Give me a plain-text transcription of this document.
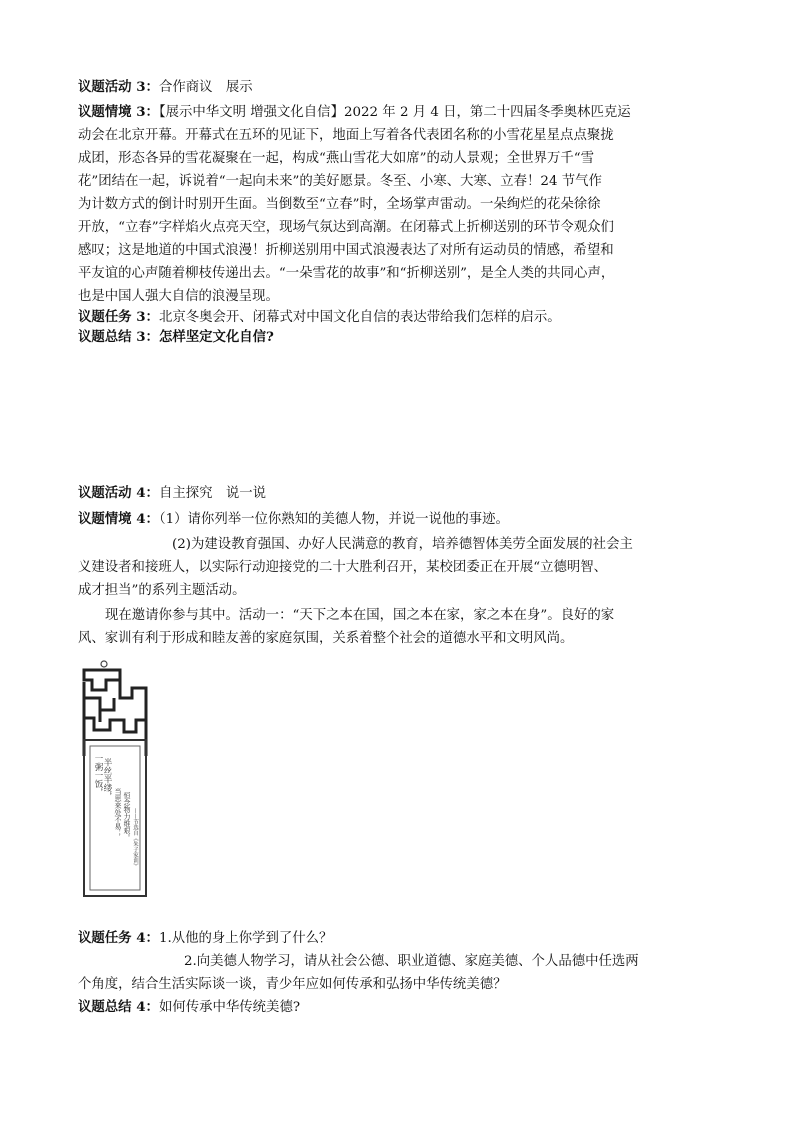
议题活动 3：合作商议　展示

议题情境 3：【展示中华文明 增强文化自信】2022 年 2 月 4 日，第二十四届冬季奥林匹克运

动会在北京开幕。开幕式在五环的见证下，地面上写着各代表团名称的小雪花星星点点聚拢

成团，形态各异的雪花凝聚在一起，构成“燕山雪花大如席”的动人景观；全世界万千“雪

花”团结在一起，诉说着“一起向未来”的美好愿景。冬至、小寒、大寒、立春！24 节气作

为计数方式的倒计时别开生面。当倒数至“立春”时，全场掌声雷动。一朵绚烂的花朵徐徐

开放，“立春”字样焰火点亮天空，现场气氛达到高潮。在闭幕式上折柳送别的环节令观众们

感叹；这是地道的中国式浪漫！折柳送别用中国式浪漫表达了对所有运动员的情感，希望和

平友谊的心声随着柳枝传递出去。“一朵雪花的故事”和“折柳送别”，是全人类的共同心声，

也是中国人强大自信的浪漫呈现。

议题任务 3：北京冬奥会开、闭幕式对中国文化自信的表达带给我们怎样的启示。

议题总结 3：怎样坚定文化自信?

议题活动 4：自主探究　说一说

议题情境 4：（1）请你列举一位你熟知的美德人物，并说一说他的事迹。

(2)为建设教育强国、办好人民满意的教育，培养德智体美劳全面发展的社会主

义建设者和接班人，以实际行动迎接党的二十大胜利召开，某校团委正在开展“立德明智、

成才担当”的系列主题活动。

现在邀请你参与其中。活动一：“天下之本在国，国之本在家，家之本在身”。良好的家

风、家训有利于形成和睦友善的家庭氛围，关系着整个社会的道德水平和文明风尚。

一粥一饭， 半丝半缕，
当思来处不易； 恒念物力维艰。 ——节选自《朱子家训》

议题任务 4：1.从他的身上你学到了什么？

2.向美德人物学习，请从社会公德、职业道德、家庭美德、个人品德中任选两

个角度，结合生活实际谈一谈，青少年应如何传承和弘扬中华传统美德？

议题总结 4：如何传承中华传统美德?
